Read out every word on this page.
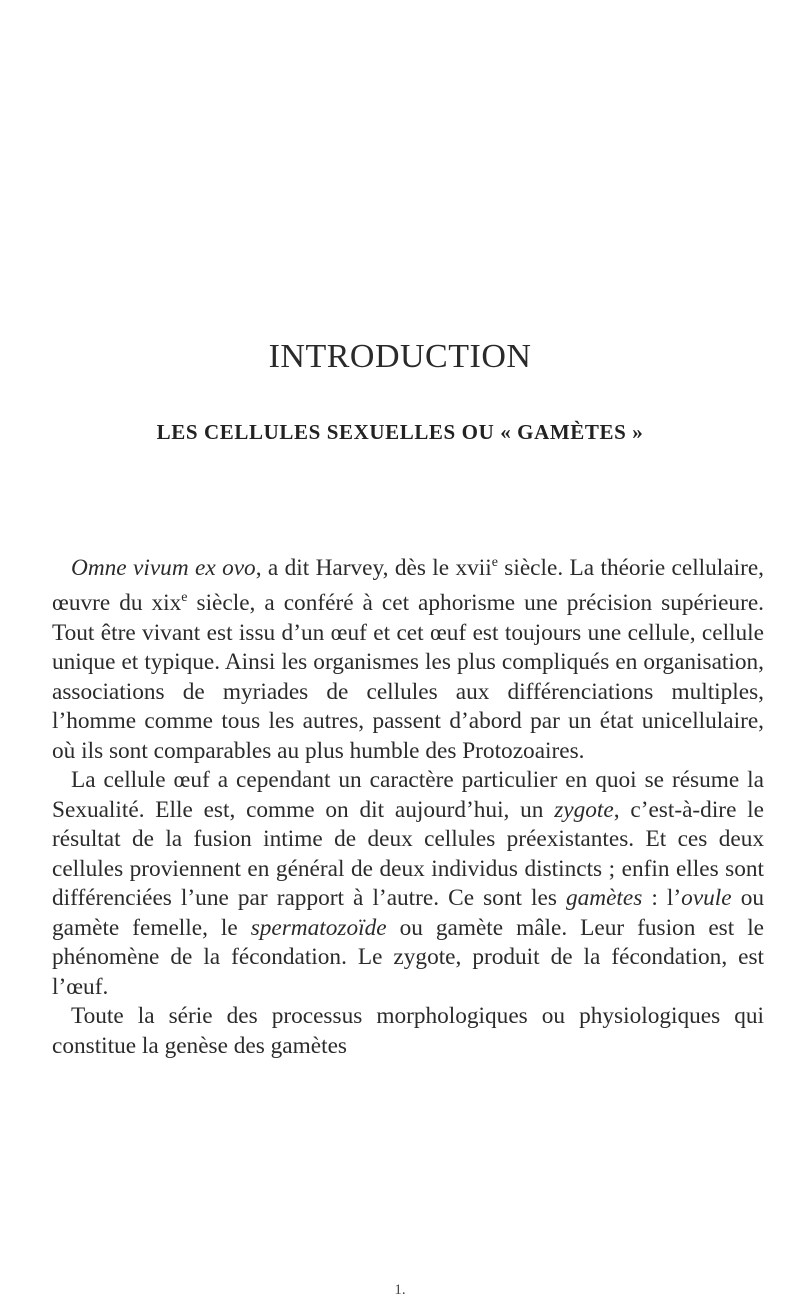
INTRODUCTION
LES CELLULES SEXUELLES OU « GAMÈTES »

Omne vivum ex ovo, a dit Harvey, dès le xvii$^e$ siècle. La théorie cellulaire, œuvre du xix$^e$ siècle, a conféré à cet aphorisme une précision supérieure. Tout être vivant est issu d’un œuf et cet œuf est toujours une cellule, cellule unique et typique. Ainsi les organismes les plus compliqués en organisation, associations de myriades de cellules aux différenciations multiples, l’homme comme tous les autres, passent d’abord par un état unicellulaire, où ils sont comparables au plus humble des Protozoaires.

La cellule œuf a cependant un caractère particulier en quoi se résume la Sexualité. Elle est, comme on dit aujourd’hui, un zygote, c’est-à-dire le résultat de la fusion intime de deux cellules préexistantes. Et ces deux cellules proviennent en général de deux individus distincts ; enfin elles sont différenciées l’une par rapport à l’autre. Ce sont les gamètes : l’ovule ou gamète femelle, le spermatozoïde ou gamète mâle. Leur fusion est le phénomène de la fécondation. Le zygote, produit de la fécondation, est l’œuf.

Toute la série des processus morphologiques ou physiologiques qui constitue la genèse des gamètes

1.
